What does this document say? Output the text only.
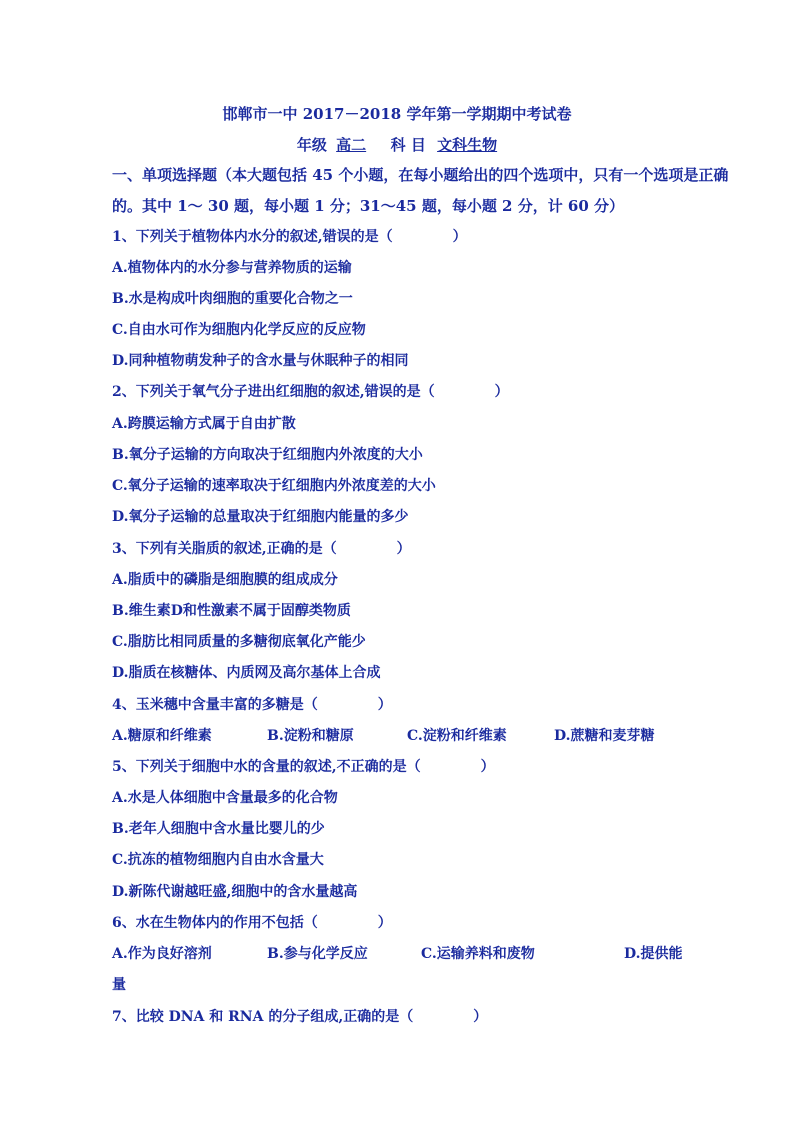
邯郸市一中 2017－2018 学年第一学期期中考试卷
年级 高二 科 目 文科生物
一、单项选择题（本大题包括 45 个小题，在每小题给出的四个选项中，只有一个选项是正确
的。其中 1～ 30 题，每小题 1 分；31～45 题，每小题 2 分，计 60 分）
1、下列关于植物体内水分的叙述,错误的是（	）
A.植物体内的水分参与营养物质的运输
B.水是构成叶肉细胞的重要化合物之一
C.自由水可作为细胞内化学反应的反应物
D.同种植物萌发种子的含水量与休眠种子的相同
2、下列关于氧气分子进出红细胞的叙述,错误的是（	）
A.跨膜运输方式属于自由扩散
B.氧分子运输的方向取决于红细胞内外浓度的大小
C.氧分子运输的速率取决于红细胞内外浓度差的大小
D.氧分子运输的总量取决于红细胞内能量的多少
3、下列有关脂质的叙述,正确的是（	）
A.脂质中的磷脂是细胞膜的组成成分
B.维生素D和性激素不属于固醇类物质
C.脂肪比相同质量的多糖彻底氧化产能少
D.脂质在核糖体、内质网及高尔基体上合成
4、玉米穗中含量丰富的多糖是（	）
A.糖原和纤维素	B.淀粉和糖原	C.淀粉和纤维素	D.蔗糖和麦芽糖
5、下列关于细胞中水的含量的叙述,不正确的是（	）
A.水是人体细胞中含量最多的化合物
B.老年人细胞中含水量比婴儿的少
C.抗冻的植物细胞内自由水含量大
D.新陈代谢越旺盛,细胞中的含水量越高
6、水在生物体内的作用不包括（	）
A.作为良好溶剂	B.参与化学反应	C.运输养料和废物	D.提供能
量
7、比较 DNA 和 RNA 的分子组成,正确的是（	）
